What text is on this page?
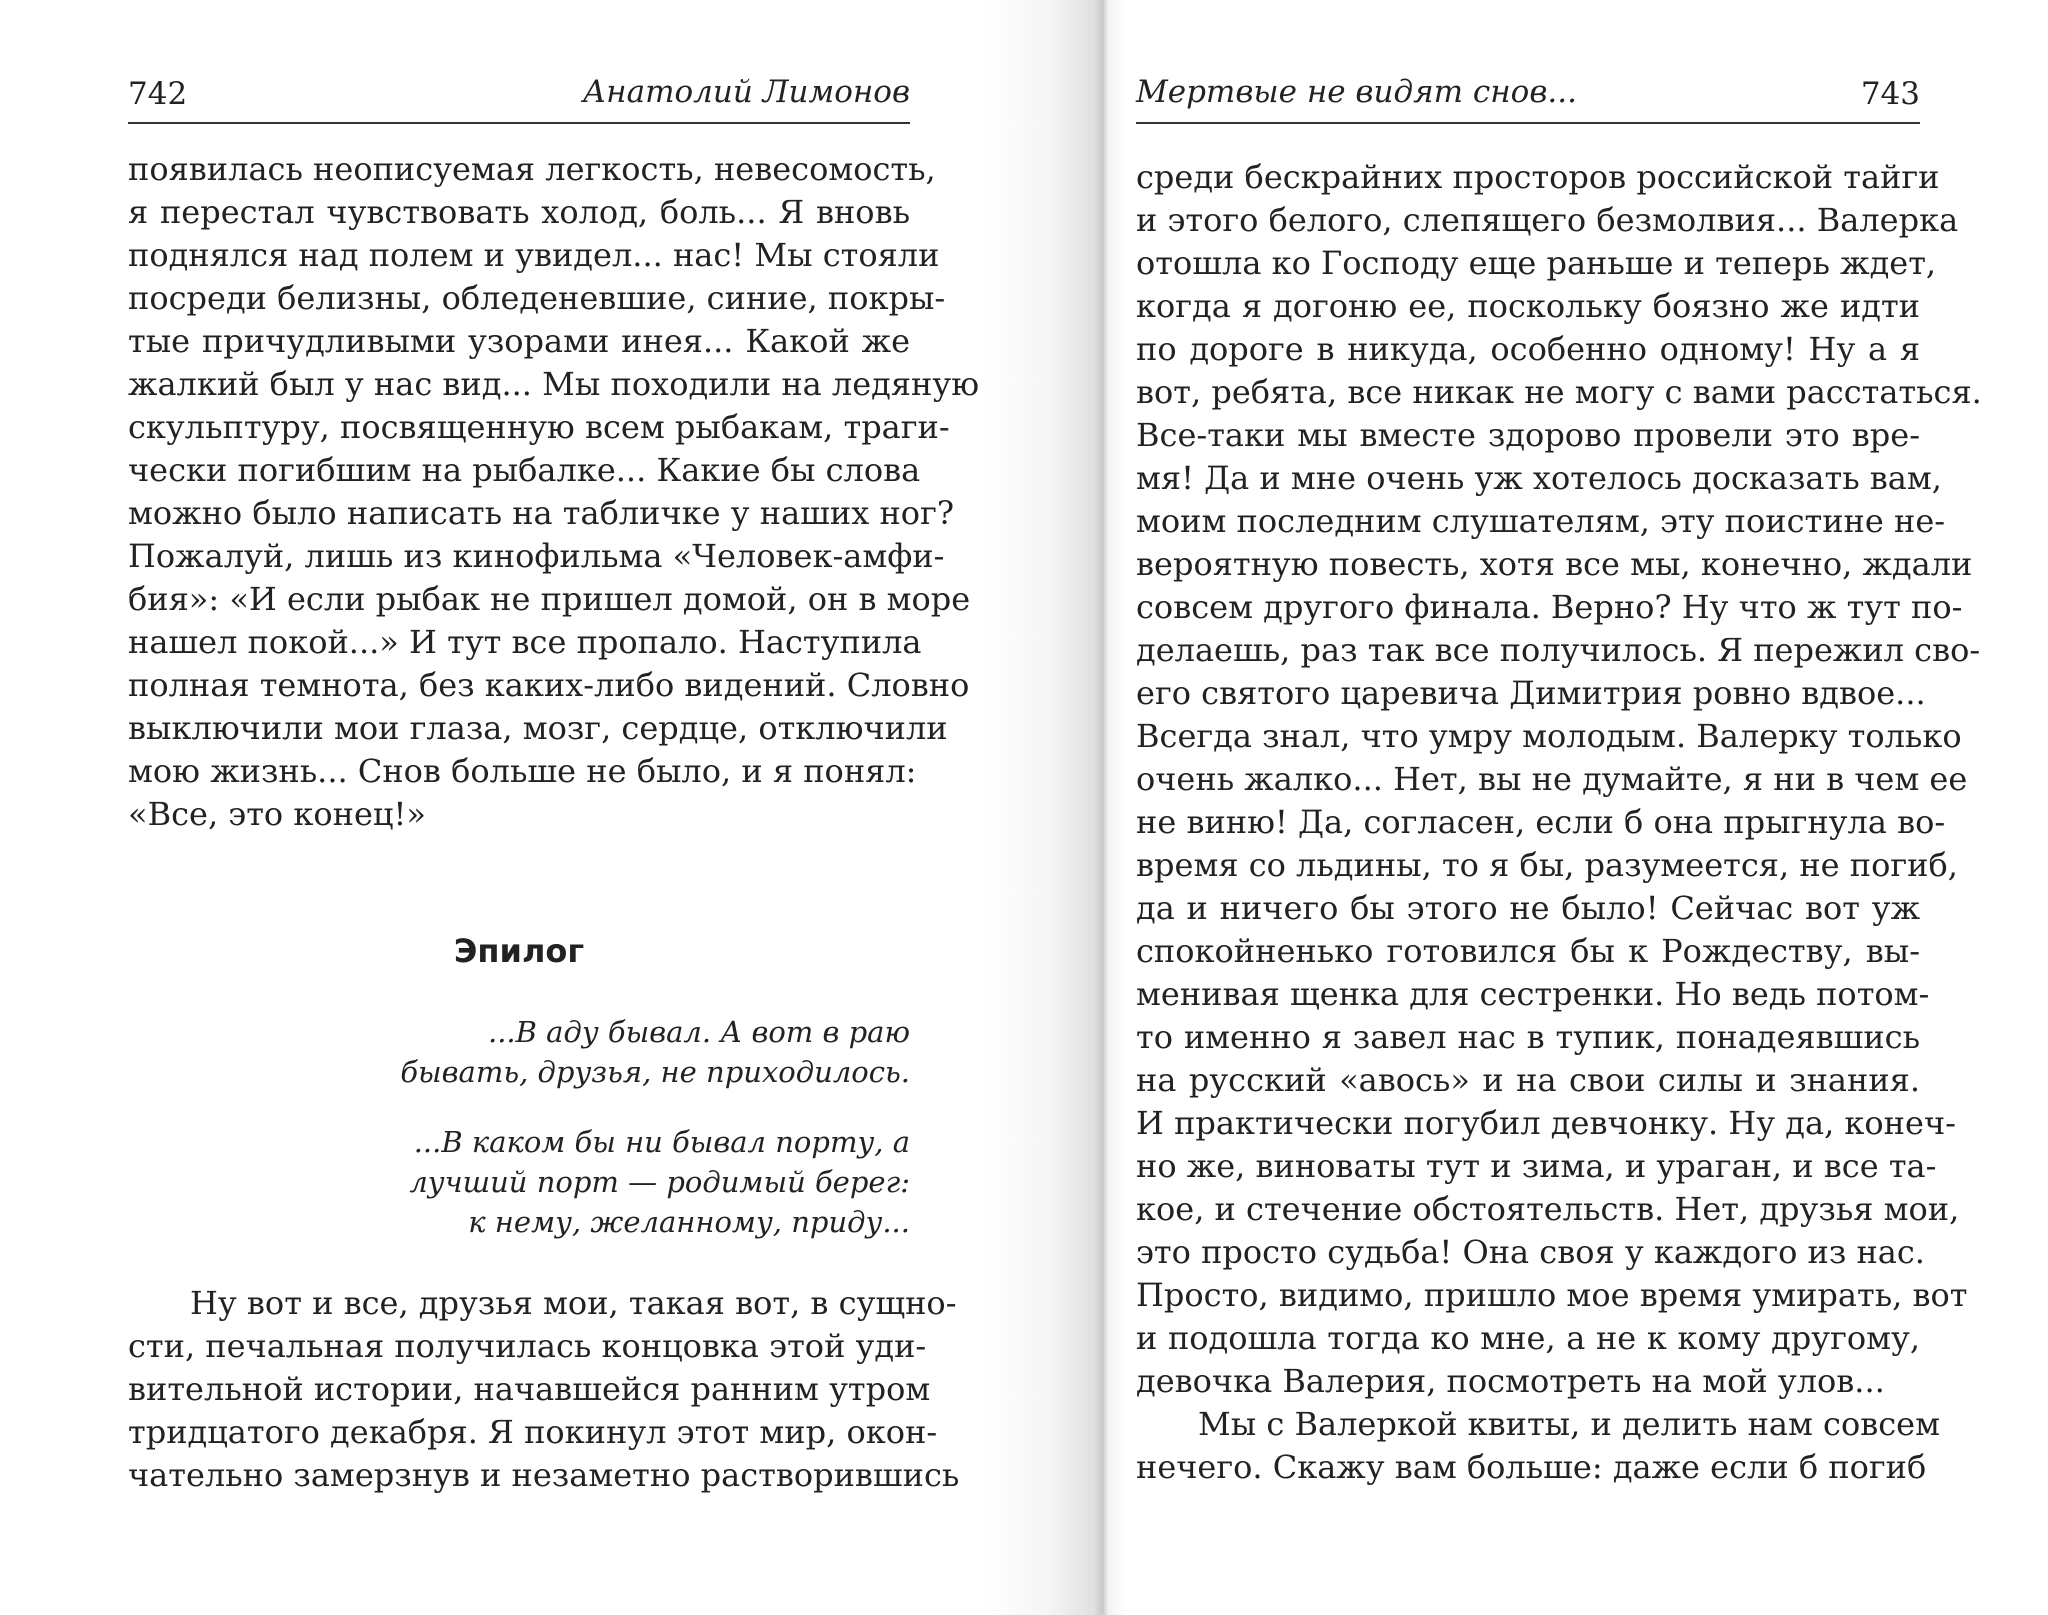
742	Анатолий Лимонов
появилась неописуемая легкость, невесомость,
я перестал чувствовать холод, боль... Я вновь
поднялся над полем и увидел... нас! Мы стояли
посреди белизны, обледеневшие, синие, покры-
тые причудливыми узорами инея... Какой же
жалкий был у нас вид... Мы походили на ледяную
скульптуру, посвященную всем рыбакам, траги-
чески погибшим на рыбалке... Какие бы слова
можно было написать на табличке у наших ног?
Пожалуй, лишь из кинофильма «Человек-амфи-
бия»: «И если рыбак не пришел домой, он в море
нашел покой...» И тут все пропало. Наступила
полная темнота, без каких-либо видений. Словно
выключили мои глаза, мозг, сердце, отключили
мою жизнь... Снов больше не было, и я понял:
«Все, это конец!»
Эпилог
...В аду бывал. А вот в раю
бывать, друзья, не приходилось.
...В каком бы ни бывал порту, а
лучший порт — родимый берег:
к нему, желанному, приду...
Ну вот и все, друзья мои, такая вот, в сущно-
сти, печальная получилась концовка этой уди-
вительной истории, начавшейся ранним утром
тридцатого декабря. Я покинул этот мир, окон-
чательно замерзнув и незаметно растворившись
Мертвые не видят снов...	743
среди бескрайних просторов российской тайги
и этого белого, слепящего безмолвия... Валерка
отошла ко Господу еще раньше и теперь ждет,
когда я догоню ее, поскольку боязно же идти
по дороге в никуда, особенно одному! Ну а я
вот, ребята, все никак не могу с вами расстаться.
Все-таки мы вместе здорово провели это вре-
мя! Да и мне очень уж хотелось досказать вам,
моим последним слушателям, эту поистине не-
вероятную повесть, хотя все мы, конечно, ждали
совсем другого финала. Верно? Ну что ж тут по-
делаешь, раз так все получилось. Я пережил сво-
его святого царевича Димитрия ровно вдвое...
Всегда знал, что умру молодым. Валерку только
очень жалко... Нет, вы не думайте, я ни в чем ее
не виню! Да, согласен, если б она прыгнула во-
время со льдины, то я бы, разумеется, не погиб,
да и ничего бы этого не было! Сейчас вот уж
спокойненько готовился бы к Рождеству, вы-
менивая щенка для сестренки. Но ведь потом-
то именно я завел нас в тупик, понадеявшись
на русский «авось» и на свои силы и знания.
И практически погубил девчонку. Ну да, конеч-
но же, виноваты тут и зима, и ураган, и все та-
кое, и стечение обстоятельств. Нет, друзья мои,
это просто судьба! Она своя у каждого из нас.
Просто, видимо, пришло мое время умирать, вот
и подошла тогда ко мне, а не к кому другому,
девочка Валерия, посмотреть на мой улов...
Мы с Валеркой квиты, и делить нам совсем
нечего. Скажу вам больше: даже если б погиб
